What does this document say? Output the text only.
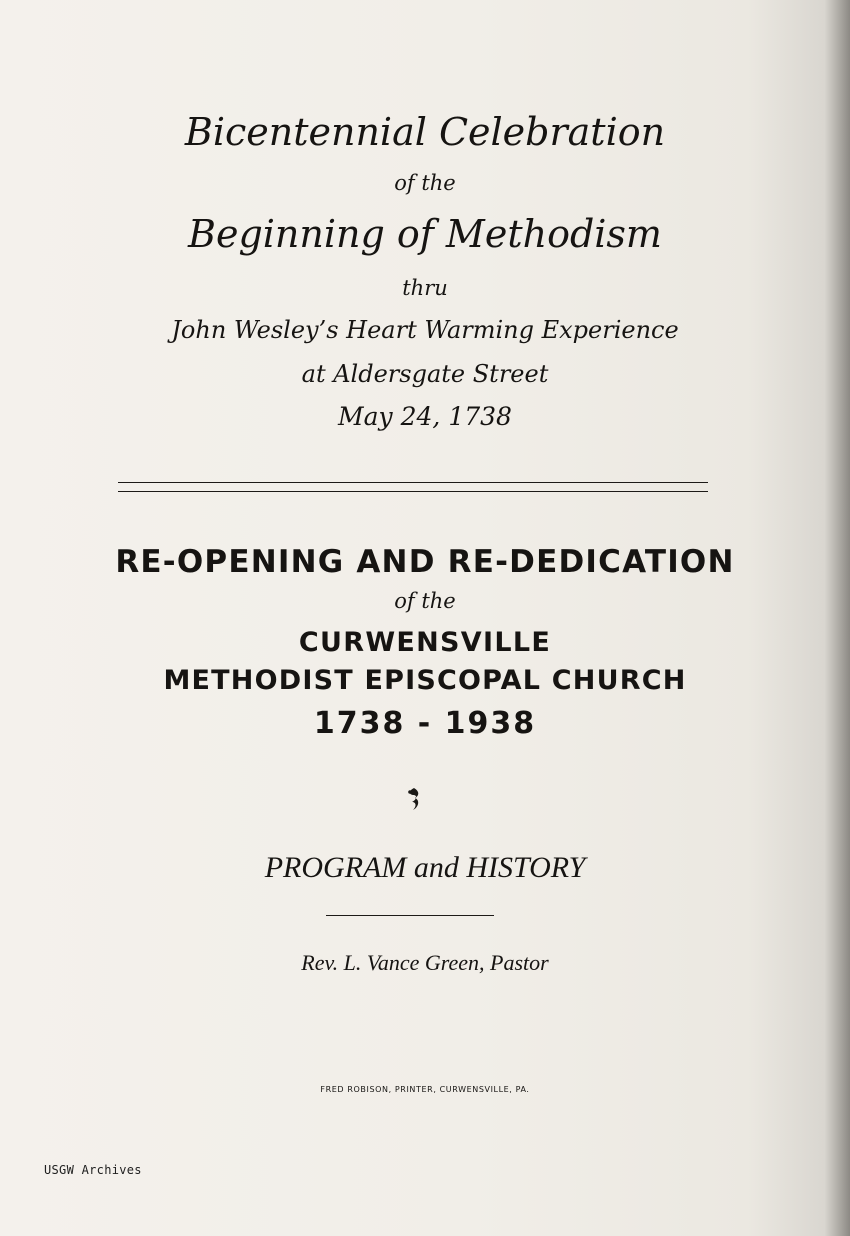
Bicentennial Celebration
of the
Beginning of Methodism
thru
John Wesley’s Heart Warming Experience
at Aldersgate Street
May 24, 1738
RE-OPENING AND RE-DEDICATION
of the
CURWENSVILLE
METHODIST EPISCOPAL CHURCH
1738 - 1938
PROGRAM and HISTORY
Rev. L. Vance Green, Pastor
FRED ROBISON, PRINTER, CURWENSVILLE, PA.
USGW Archives
